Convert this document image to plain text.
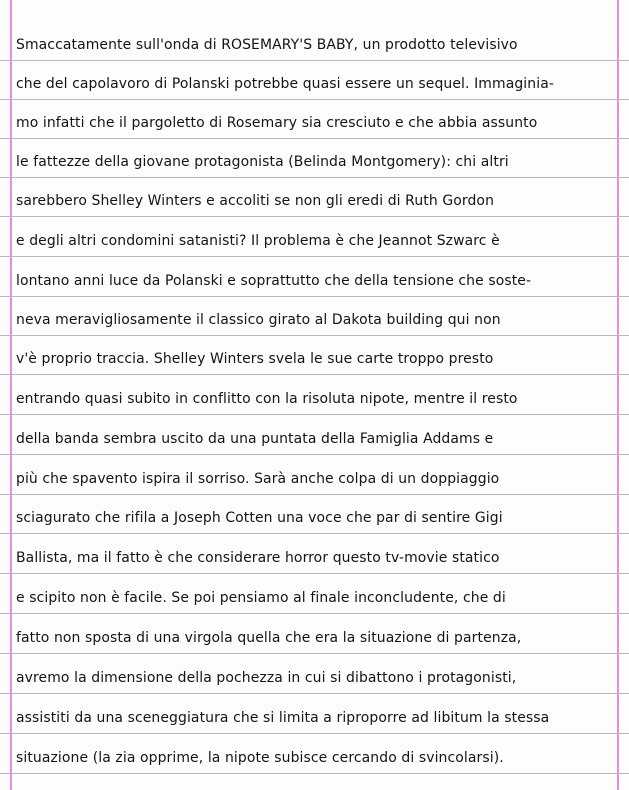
Smaccatamente sull'onda di ROSEMARY'S BABY, un prodotto televisivo
che del capolavoro di Polanski potrebbe quasi essere un sequel. Immaginia-
mo infatti che il pargoletto di Rosemary sia cresciuto e che abbia assunto
le fattezze della giovane protagonista (Belinda Montgomery): chi altri
sarebbero Shelley Winters e accoliti se non gli eredi di Ruth Gordon
e degli altri condomini satanisti? Il problema è che Jeannot Szwarc è
lontano anni luce da Polanski e soprattutto che della tensione che soste-
neva meravigliosamente il classico girato al Dakota building qui non
v'è proprio traccia. Shelley Winters svela le sue carte troppo presto
entrando quasi subito in conflitto con la risoluta nipote, mentre il resto
della banda sembra uscito da una puntata della Famiglia Addams e
più che spavento ispira il sorriso. Sarà anche colpa di un doppiaggio
sciagurato che rifila a Joseph Cotten una voce che par di sentire Gigi
Ballista, ma il fatto è che considerare horror questo tv-movie statico
e scipito non è facile. Se poi pensiamo al finale inconcludente, che di
fatto non sposta di una virgola quella che era la situazione di partenza,
avremo la dimensione della pochezza in cui si dibattono i protagonisti,
assistiti da una sceneggiatura che si limita a riproporre ad libitum la stessa
situazione (la zia opprime, la nipote subisce cercando di svincolarsi).
